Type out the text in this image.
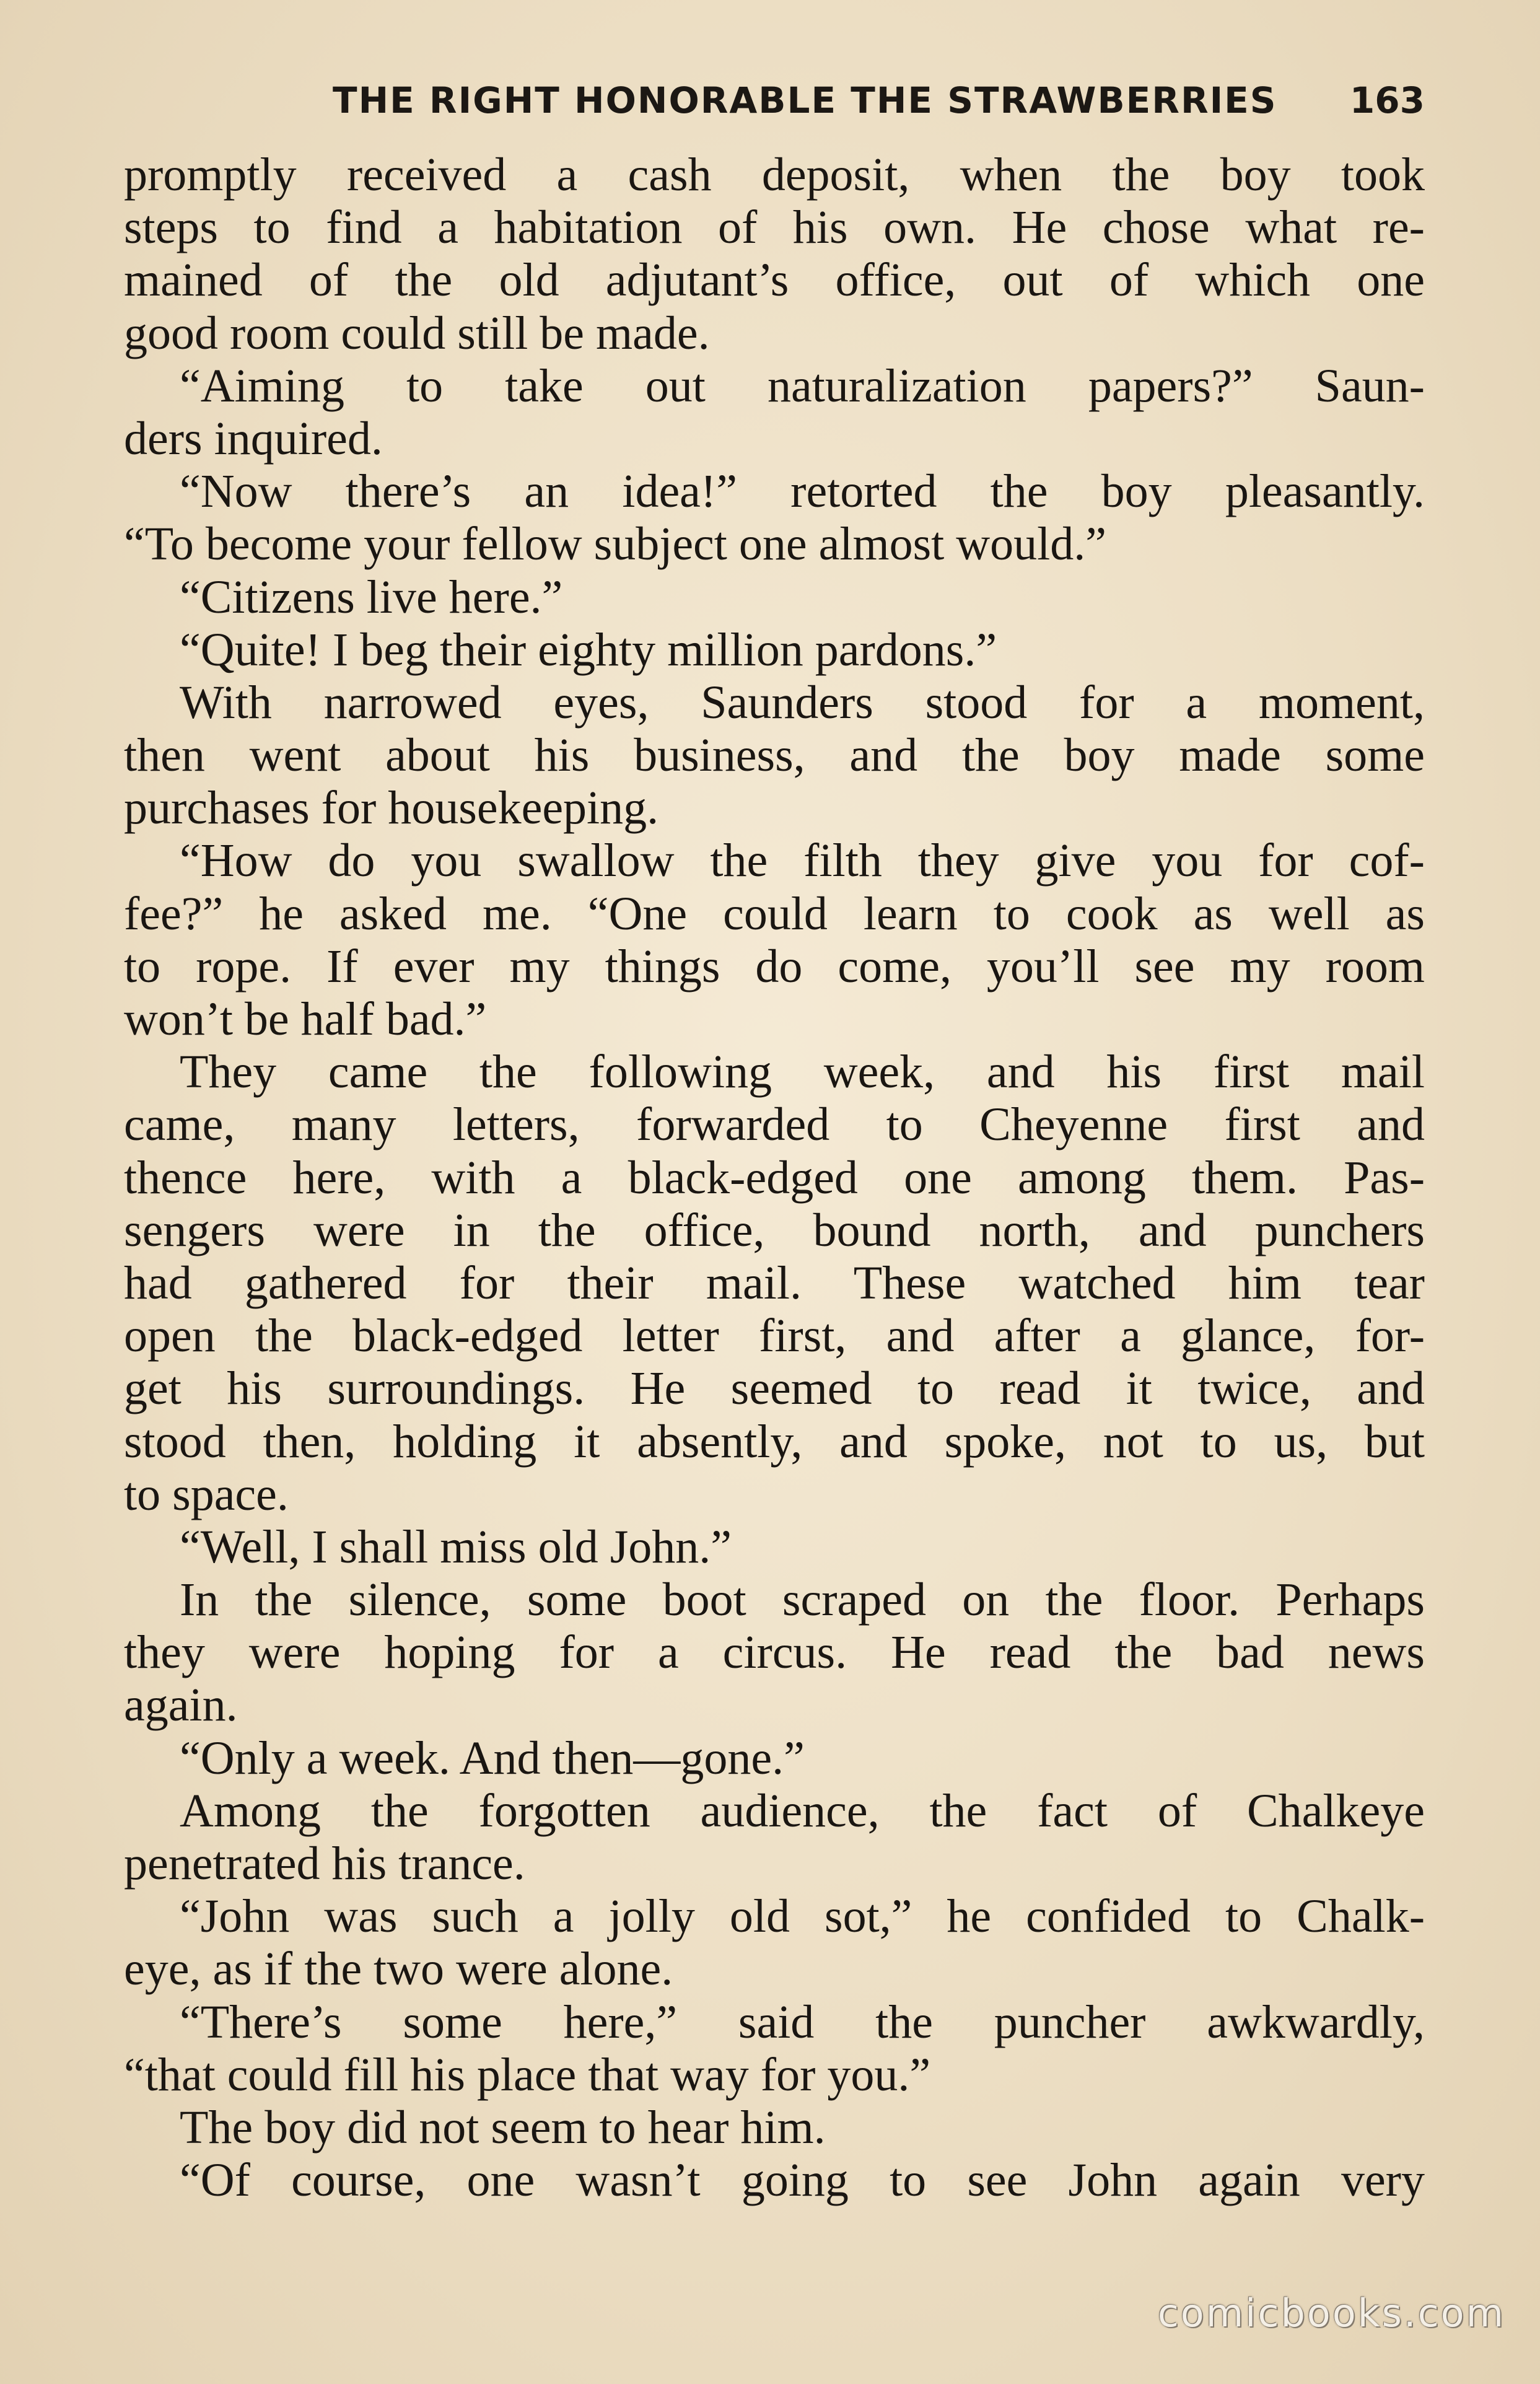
THE RIGHT HONORABLE THE STRAWBERRIES 163
promptly received a cash deposit, when the boy took
steps to find a habitation of his own. He chose what re-
mained of the old adjutant’s office, out of which one
good room could still be made.
“Aiming to take out naturalization papers?” Saun-
ders inquired.
“Now there’s an idea!” retorted the boy pleasantly.
“To become your fellow subject one almost would.”
“Citizens live here.”
“Quite! I beg their eighty million pardons.”
With narrowed eyes, Saunders stood for a moment,
then went about his business, and the boy made some
purchases for housekeeping.
“How do you swallow the filth they give you for cof-
fee?” he asked me. “One could learn to cook as well as
to rope. If ever my things do come, you’ll see my room
won’t be half bad.”
They came the following week, and his first mail
came, many letters, forwarded to Cheyenne first and
thence here, with a black-edged one among them. Pas-
sengers were in the office, bound north, and punchers
had gathered for their mail. These watched him tear
open the black-edged letter first, and after a glance, for-
get his surroundings. He seemed to read it twice, and
stood then, holding it absently, and spoke, not to us, but
to space.
“Well, I shall miss old John.”
In the silence, some boot scraped on the floor. Perhaps
they were hoping for a circus. He read the bad news
again.
“Only a week. And then—gone.”
Among the forgotten audience, the fact of Chalkeye
penetrated his trance.
“John was such a jolly old sot,” he confided to Chalk-
eye, as if the two were alone.
“There’s some here,” said the puncher awkwardly,
“that could fill his place that way for you.”
The boy did not seem to hear him.
“Of course, one wasn’t going to see John again very
comicbooks.com
